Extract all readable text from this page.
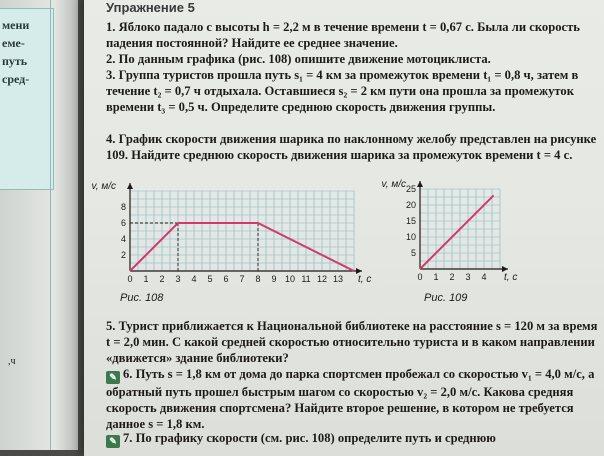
мени
еме-
путь
сред-
,ч
Упражнение 5

1. Яблоко падало с высоты h = 2,2 м в течение времени t = 0,67 с. Была ли скорость падения постоянной? Найдите ее среднее значение.

2. По данным графика (рис. 108) опишите движение мотоциклиста.

3. Группа туристов прошла путь s₁ = 4 км за промежуток времени t₁ = 0,8 ч, затем в течение t₂ = 0,7 ч отдыхала. Оставшиеся s₂ = 2 км пути она прошла за промежуток времени t₃ = 0,5 ч. Определите среднюю скорость движения группы.

4. График скорости движения шарика по наклонному желобу представлен на рисунке 109. Найдите среднюю скорость движения шарика за промежуток времени t = 4 с.

0 1 2 3 4 5 6 7 8 9 10 11 12 13
2
4
6
8
t, с
v, м/с
Рис. 108
0 1 2 3 4
5
10
15
20
25
t, с
v, м/с
Рис. 109

5. Турист приближается к Национальной библиотеке на расстояние s = 120 м за время t = 2,0 мин. С какой средней скоростью относительно туриста и в каком направлении «движется» здание библиотеки?

✎ 6. Путь s = 1,8 км от дома до парка спортсмен пробежал со скоростью v₁ = 4,0 м/с, а обратный путь прошел быстрым шагом со скоростью v₂ = 2,0 м/с. Какова средняя скорость движения спортсмена? Найдите второе решение, в котором не требуется данное s = 1,8 км.

✎ 7. По графику скорости (см. рис. 108) определите путь и среднюю
